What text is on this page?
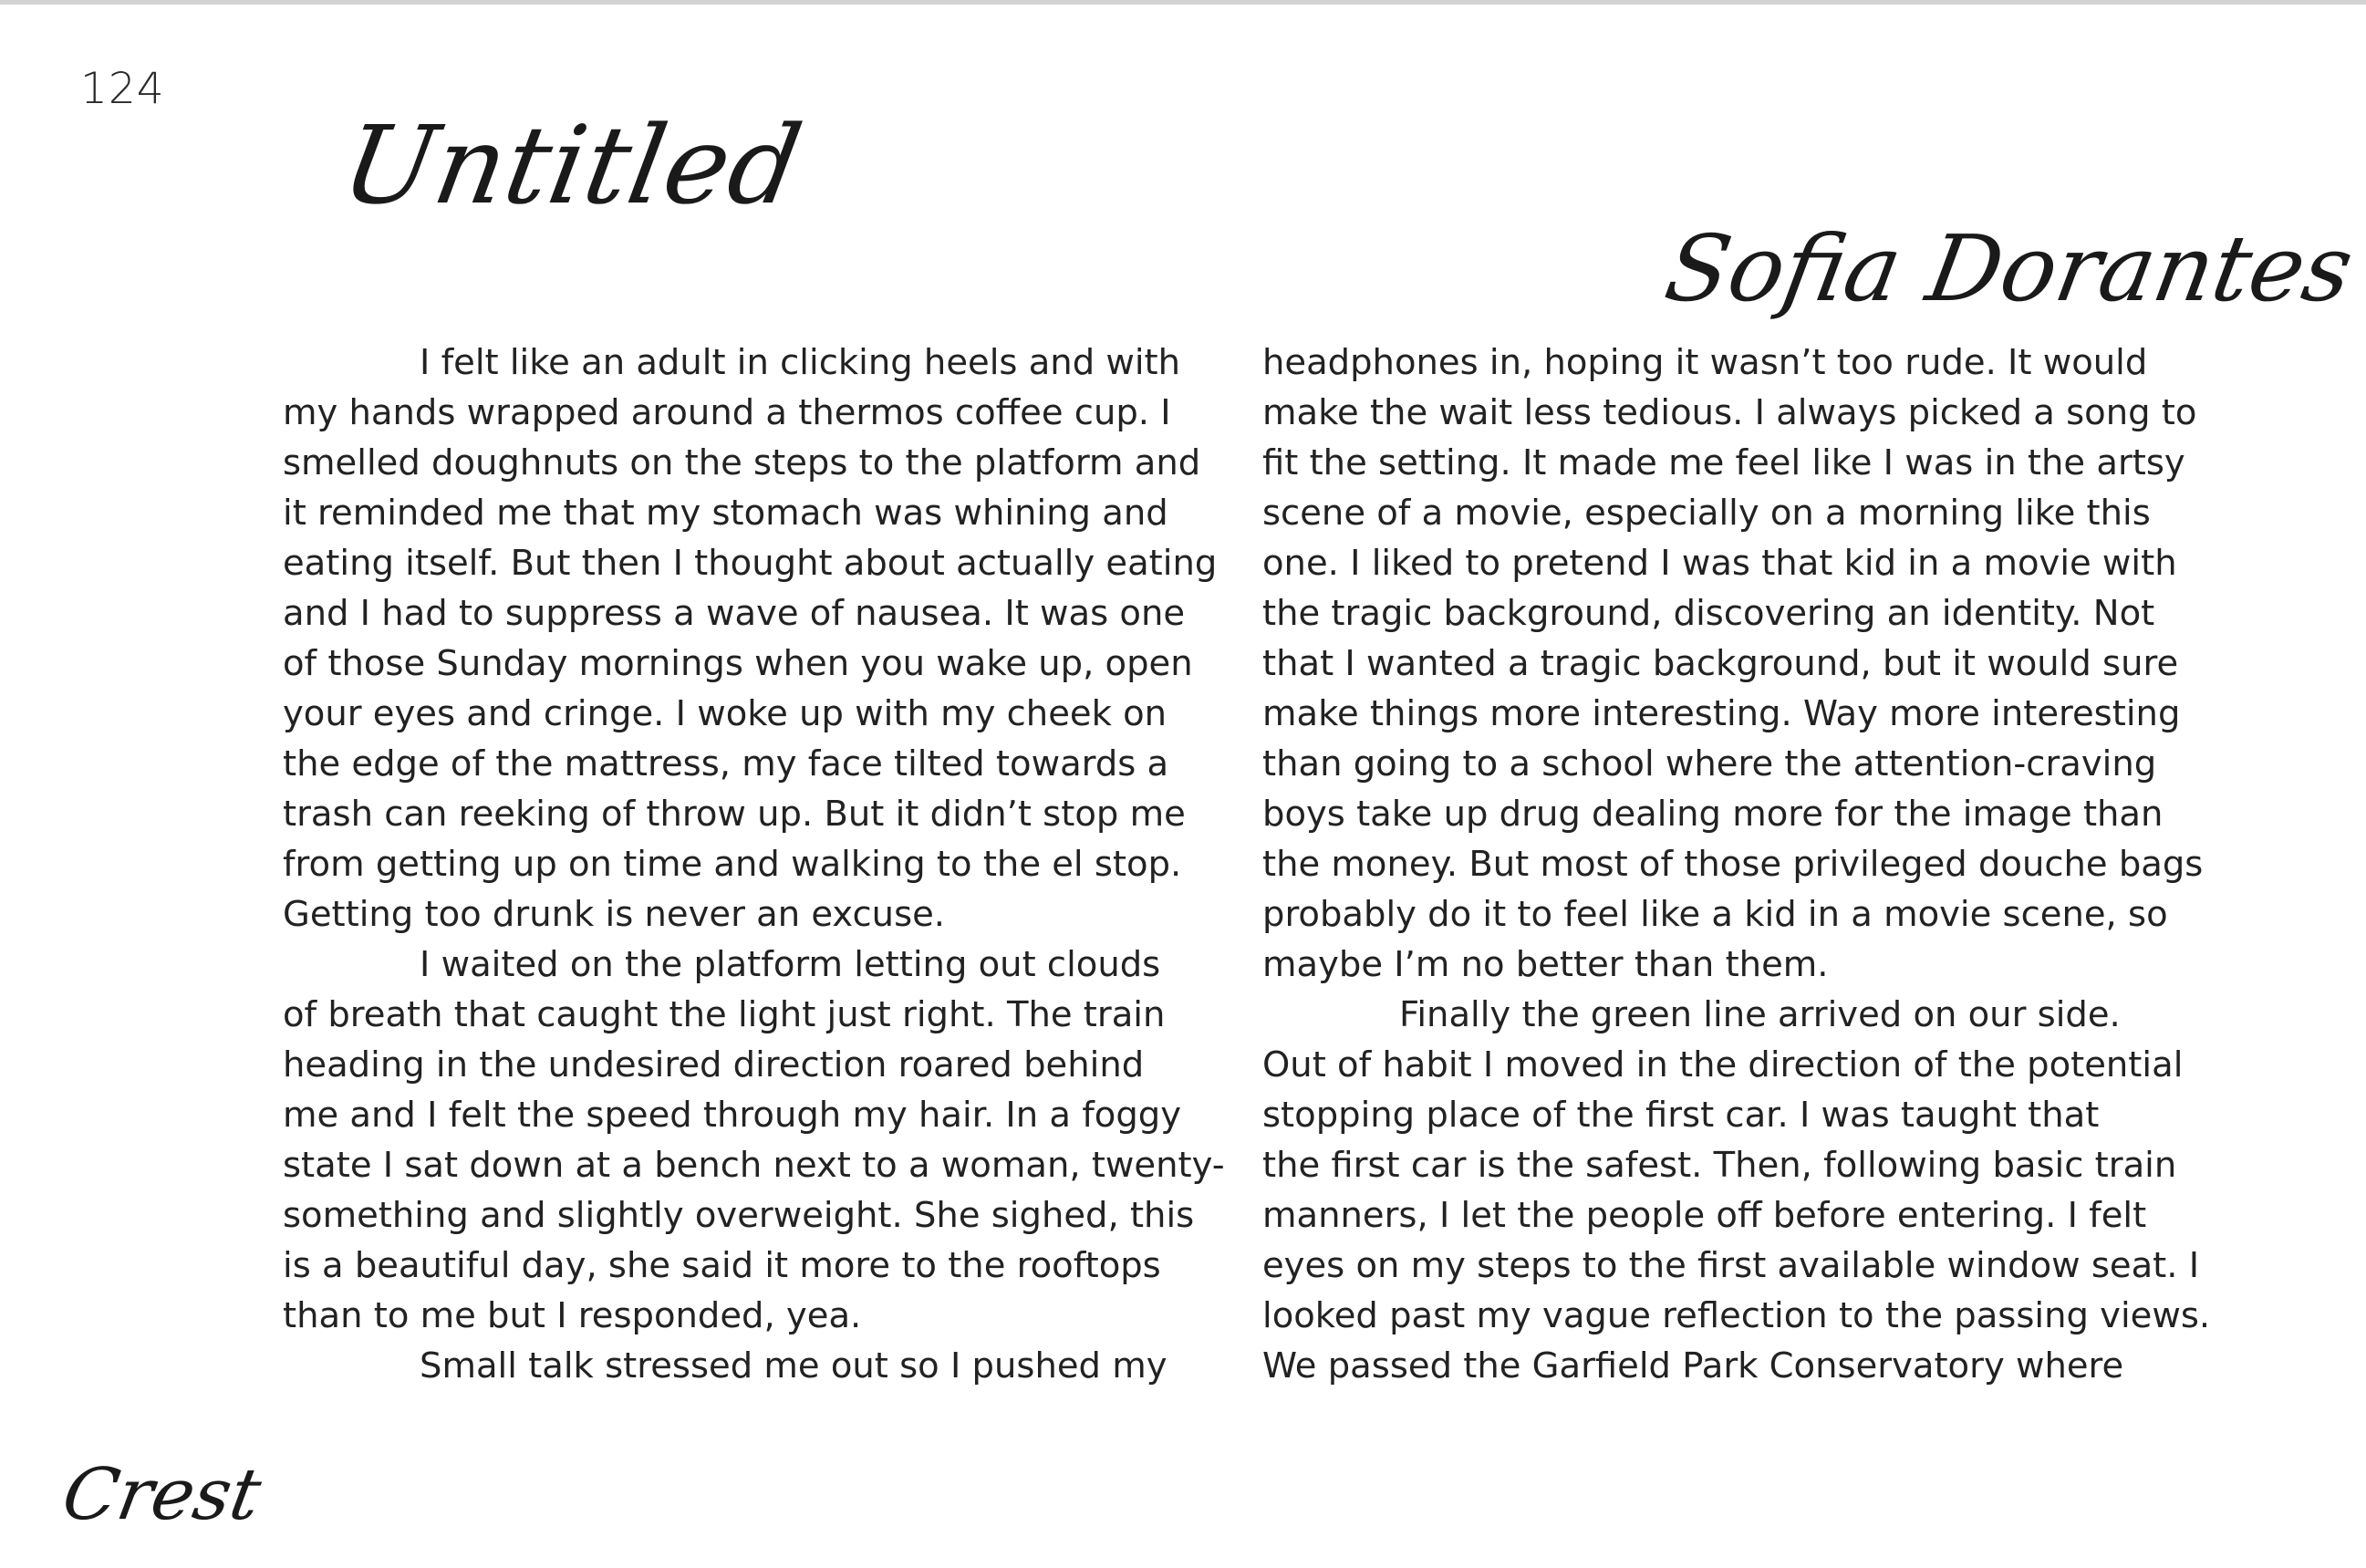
124
Untitled
Sofia Dorantes
I felt like an adult in clicking heels and with
my hands wrapped around a thermos coffee cup. I
smelled doughnuts on the steps to the platform and
it reminded me that my stomach was whining and
eating itself. But then I thought about actually eating
and I had to suppress a wave of nausea. It was one
of those Sunday mornings when you wake up, open
your eyes and cringe. I woke up with my cheek on
the edge of the mattress, my face tilted towards a
trash can reeking of throw up. But it didn’t stop me
from getting up on time and walking to the el stop.
Getting too drunk is never an excuse.
I waited on the platform letting out clouds
of breath that caught the light just right. The train
heading in the undesired direction roared behind
me and I felt the speed through my hair. In a foggy
state I sat down at a bench next to a woman, twenty-
something and slightly overweight. She sighed, this
is a beautiful day, she said it more to the rooftops
than to me but I responded, yea.
Small talk stressed me out so I pushed my
headphones in, hoping it wasn’t too rude. It would
make the wait less tedious. I always picked a song to
fit the setting. It made me feel like I was in the artsy
scene of a movie, especially on a morning like this
one. I liked to pretend I was that kid in a movie with
the tragic background, discovering an identity. Not
that I wanted a tragic background, but it would sure
make things more interesting. Way more interesting
than going to a school where the attention-craving
boys take up drug dealing more for the image than
the money. But most of those privileged douche bags
probably do it to feel like a kid in a movie scene, so
maybe I’m no better than them.
Finally the green line arrived on our side.
Out of habit I moved in the direction of the potential
stopping place of the first car. I was taught that
the first car is the safest. Then, following basic train
manners, I let the people off before entering. I felt
eyes on my steps to the first available window seat. I
looked past my vague reflection to the passing views.
We passed the Garfield Park Conservatory where
Crest
